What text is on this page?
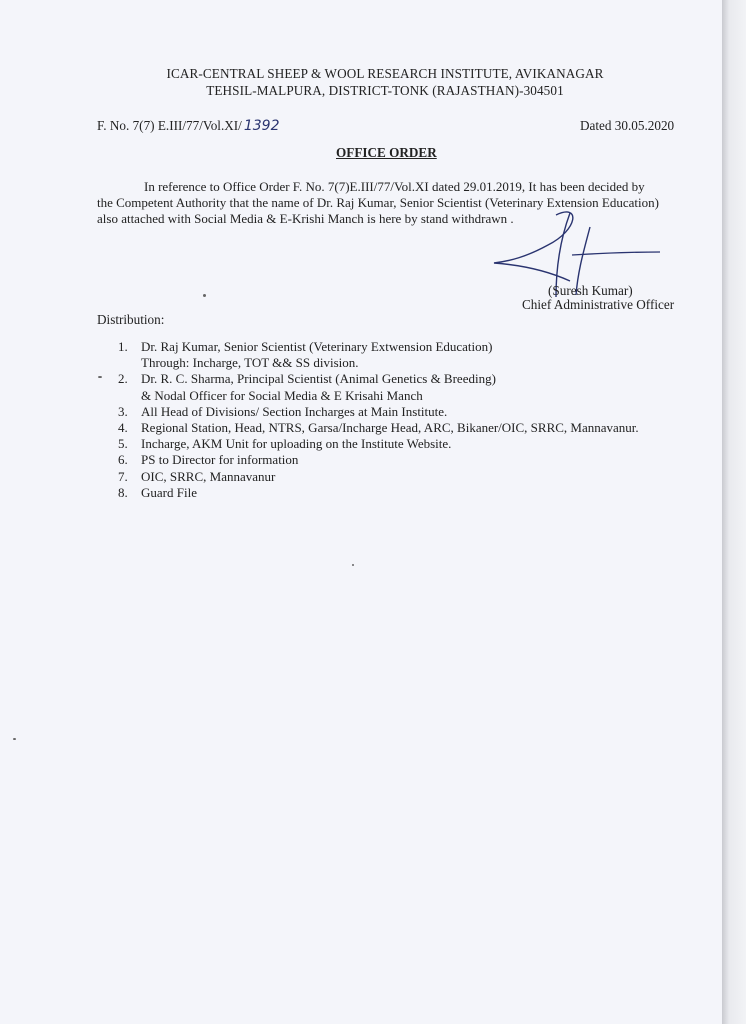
ICAR-CENTRAL SHEEP & WOOL RESEARCH INSTITUTE, AVIKANAGAR
TEHSIL-MALPURA, DISTRICT-TONK (RAJASTHAN)-304501
F. No. 7(7) E.III/77/Vol.XI/ 1392	Dated 30.05.2020
OFFICE ORDER
In reference to Office Order F. No. 7(7)E.III/77/Vol.XI dated 29.01.2019, It has been decided by
the Competent Authority that the name of Dr. Raj Kumar, Senior Scientist (Veterinary Extension Education)
also attached with Social Media & E-Krishi Manch is here by stand withdrawn .
(Suresh Kumar)
Chief Administrative Officer
Distribution:
1. Dr. Raj Kumar, Senior Scientist (Veterinary Extwension Education)
Through: Incharge, TOT && SS division.
2. Dr. R. C. Sharma, Principal Scientist (Animal Genetics & Breeding)
& Nodal Officer for Social Media & E Krisahi Manch
3. All Head of Divisions/ Section Incharges at Main Institute.
4. Regional Station, Head, NTRS, Garsa/Incharge Head, ARC, Bikaner/OIC, SRRC, Mannavanur.
5. Incharge, AKM Unit for uploading on the Institute Website.
6. PS to Director for information
7. OIC, SRRC, Mannavanur
8. Guard File
